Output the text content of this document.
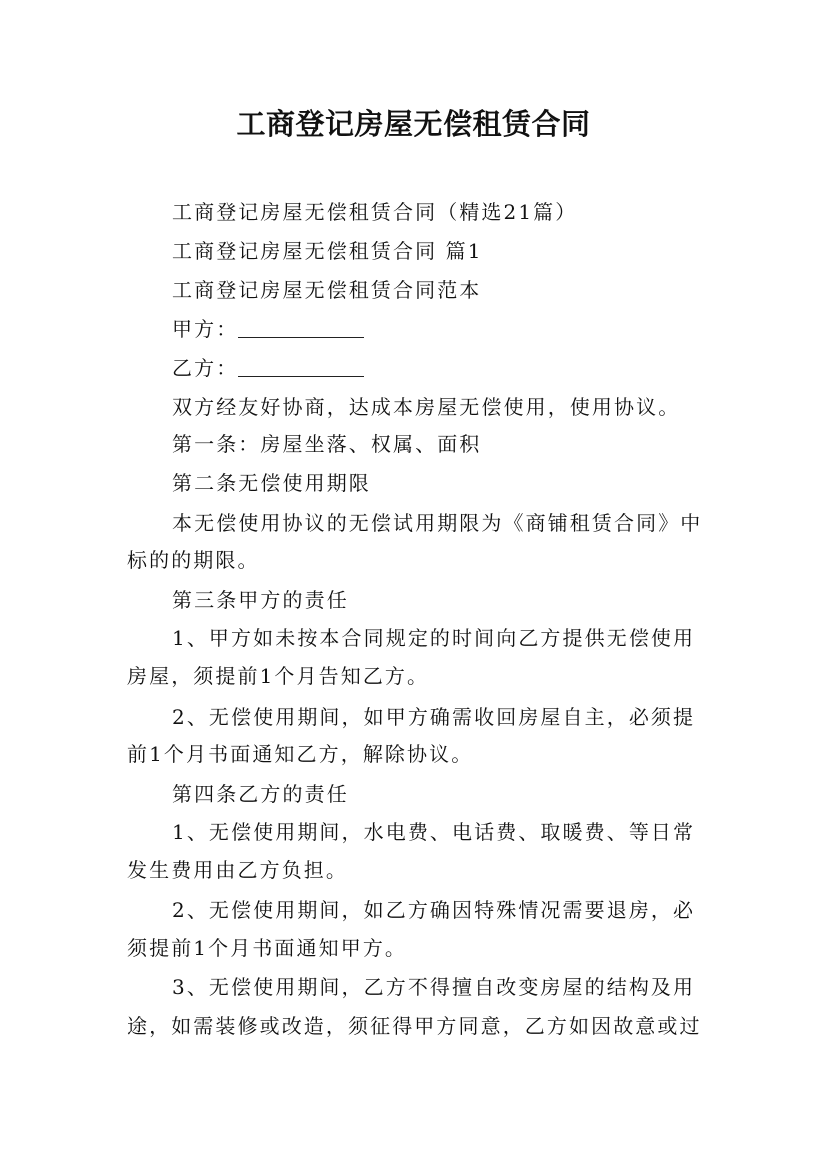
工商登记房屋无偿租赁合同
工商登记房屋无偿租赁合同（精选21篇）
工商登记房屋无偿租赁合同 篇1
工商登记房屋无偿租赁合同范本
甲方：
乙方：
双方经友好协商，达成本房屋无偿使用，使用协议。
第一条：房屋坐落、权属、面积
第二条无偿使用期限
本无偿使用协议的无偿试用期限为《商铺租赁合同》中
标的的期限。
第三条甲方的责任
1、甲方如未按本合同规定的时间向乙方提供无偿使用
房屋，须提前1个月告知乙方。
2、无偿使用期间，如甲方确需收回房屋自主，必须提
前1个月书面通知乙方，解除协议。
第四条乙方的责任
1、无偿使用期间，水电费、电话费、取暖费、等日常
发生费用由乙方负担。
2、无偿使用期间，如乙方确因特殊情况需要退房，必
须提前1个月书面通知甲方。
3、无偿使用期间，乙方不得擅自改变房屋的结构及用
途，如需装修或改造，须征得甲方同意，乙方如因故意或过
